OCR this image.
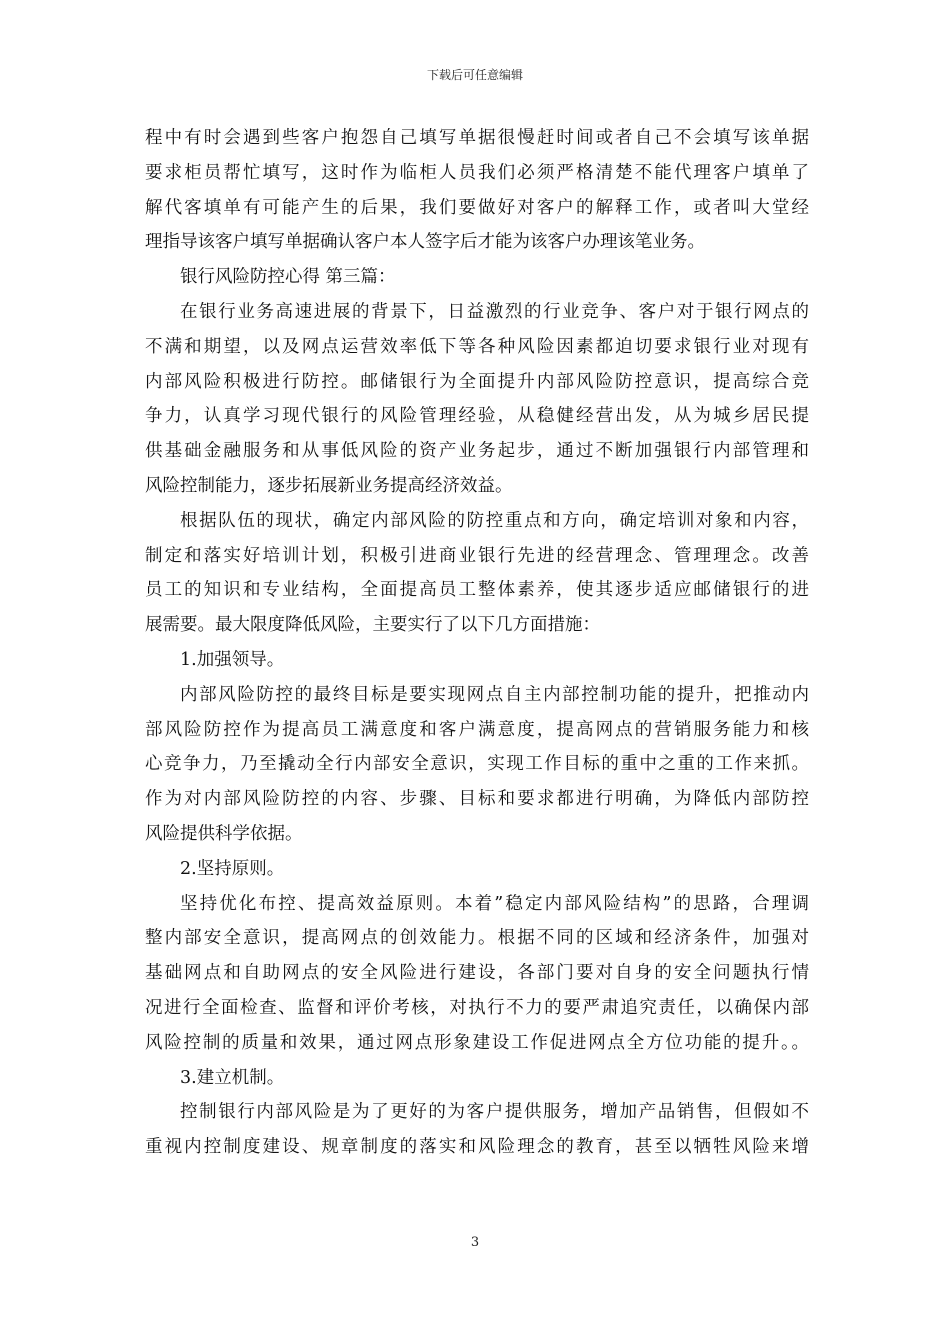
下载后可任意编辑
程中有时会遇到些客户抱怨自己填写单据很慢赶时间或者自己不会填写该单据
要求柜员帮忙填写，这时作为临柜人员我们必须严格清楚不能代理客户填单了
解代客填单有可能产生的后果，我们要做好对客户的解释工作，或者叫大堂经
理指导该客户填写单据确认客户本人签字后才能为该客户办理该笔业务。
银行风险防控心得 第三篇：
在银行业务高速进展的背景下，日益激烈的行业竞争、客户对于银行网点的
不满和期望，以及网点运营效率低下等各种风险因素都迫切要求银行业对现有
内部风险积极进行防控。邮储银行为全面提升内部风险防控意识，提高综合竞
争力，认真学习现代银行的风险管理经验，从稳健经营出发，从为城乡居民提
供基础金融服务和从事低风险的资产业务起步，通过不断加强银行内部管理和
风险控制能力，逐步拓展新业务提高经济效益。
根据队伍的现状，确定内部风险的防控重点和方向，确定培训对象和内容，
制定和落实好培训计划，积极引进商业银行先进的经营理念、管理理念。改善
员工的知识和专业结构，全面提高员工整体素养，使其逐步适应邮储银行的进
展需要。最大限度降低风险，主要实行了以下几方面措施：
1.加强领导。
内部风险防控的最终目标是要实现网点自主内部控制功能的提升，把推动内
部风险防控作为提高员工满意度和客户满意度，提高网点的营销服务能力和核
心竞争力，乃至撬动全行内部安全意识，实现工作目标的重中之重的工作来抓。
作为对内部风险防控的内容、步骤、目标和要求都进行明确，为降低内部防控
风险提供科学依据。
2.坚持原则。
坚持优化布控、提高效益原则。本着”稳定内部风险结构”的思路，合理调
整内部安全意识，提高网点的创效能力。根据不同的区域和经济条件，加强对
基础网点和自助网点的安全风险进行建设，各部门要对自身的安全问题执行情
况进行全面检查、监督和评价考核，对执行不力的要严肃追究责任，以确保内部
风险控制的质量和效果，通过网点形象建设工作促进网点全方位功能的提升。。
3.建立机制。
控制银行内部风险是为了更好的为客户提供服务，增加产品销售，但假如不
重视内控制度建设、规章制度的落实和风险理念的教育，甚至以牺牲风险来增
3
